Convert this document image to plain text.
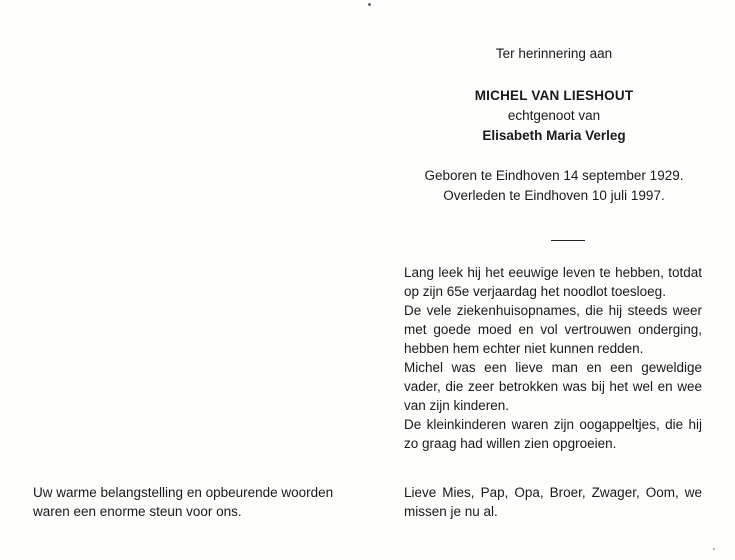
Ter herinnering aan
MICHEL VAN LIESHOUT
echtgenoot van
Elisabeth Maria Verleg
Geboren te Eindhoven 14 september 1929.
Overleden te Eindhoven 10 juli 1997.

Lang leek hij het eeuwige leven te hebben, totdat op zijn 65e verjaardag het noodlot toesloeg.

De vele ziekenhuisopnames, die hij steeds weer met goede moed en vol vertrouwen onderging, hebben hem echter niet kunnen redden.

Michel was een lieve man en een geweldige vader, die zeer betrokken was bij het wel en wee van zijn kinderen.

De kleinkinderen waren zijn oogappeltjes, die hij zo graag had willen zien opgroeien.

Lieve Mies, Pap, Opa, Broer, Zwager, Oom, we missen je nu al.
Uw warme belangstelling en opbeurende woorden waren een enorme steun voor ons.
